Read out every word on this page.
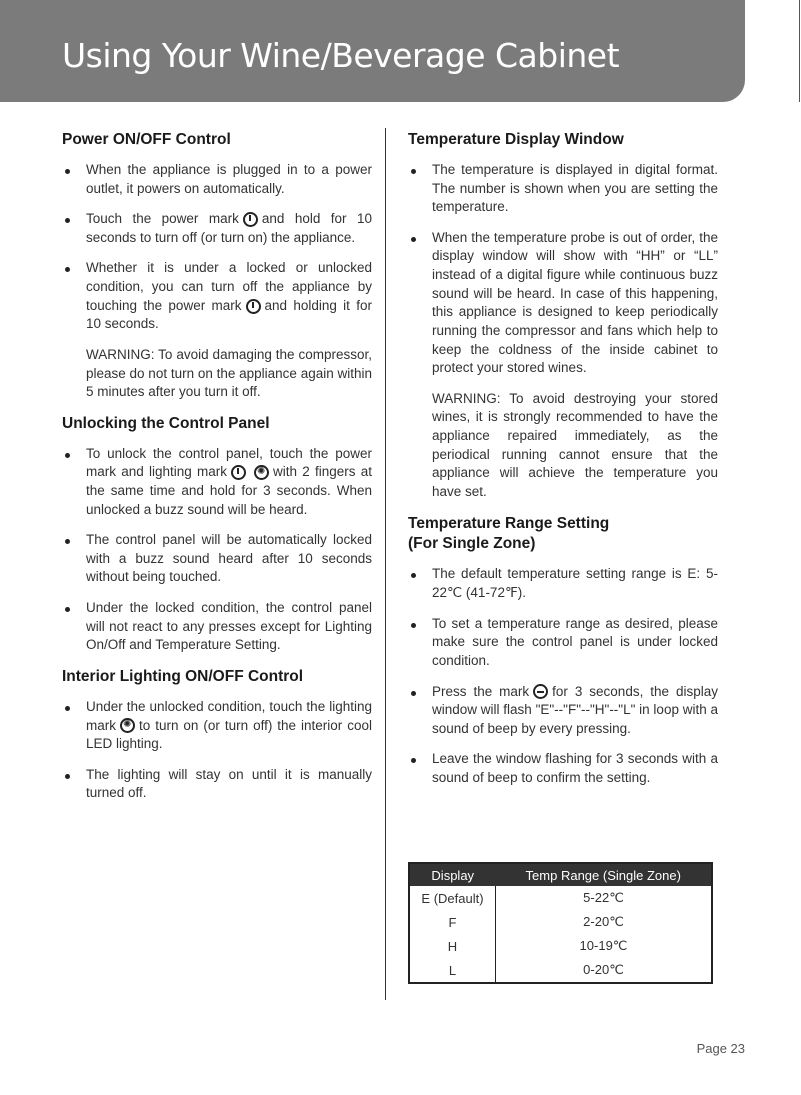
Using Your Wine/Beverage Cabinet
Power ON/OFF Control
When the appliance is plugged in to a power outlet, it powers on automatically.
Touch the power mark and hold for 10 seconds to turn off (or turn on) the appliance.
Whether it is under a locked or unlocked condition, you can turn off the appliance by touching the power mark and holding it for 10 seconds.

WARNING: To avoid damaging the compressor, please do not turn on the appliance again within 5 minutes after you turn it off.

Unlocking the Control Panel
To unlock the control panel, touch the power mark and lighting mark ✺	with 2 fingers at the same time and hold for 3 seconds. When unlocked a buzz sound will be heard.
The control panel will be automatically locked with a buzz sound heard after 10 seconds without being touched.
Under the locked condition, the control panel will not react to any presses except for Lighting On/Off and Temperature Setting.
Interior Lighting ON/OFF Control
Under the unlocked condition, touch the lighting mark ✺ to turn on (or turn off) the interior cool LED lighting.
The lighting will stay on until it is manually turned off.
Temperature Display Window
The temperature is displayed in digital format. The number is shown when you are setting the temperature.
When the temperature probe is out of order, the display window will show with “HH” or “LL” instead of a digital figure while continuous buzz sound will be heard. In case of this happening, this appliance is designed to keep periodically running the compressor and fans which help to keep the coldness of the inside cabinet to protect your stored wines.

WARNING: To avoid destroying your stored wines, it is strongly recommended to have the appliance repaired immediately, as the periodical running cannot ensure that the appliance will achieve the temperature you have set.

Temperature Range Setting
(For Single Zone)
The default temperature setting range is E: 5-22℃ (41-72℉).
To set a temperature range as desired, please make sure the control panel is under locked condition.
Press the mark for 3 seconds, the display window will flash "E"--"F"--"H"--"L" in loop with a sound of beep by every pressing.
Leave the window flashing for 3 seconds with a sound of beep to confirm the setting.
Display	Temp Range (Single Zone)
E (Default)	5-22℃
F	2-20℃
H	10-19℃
L	0-20℃
Page 23
